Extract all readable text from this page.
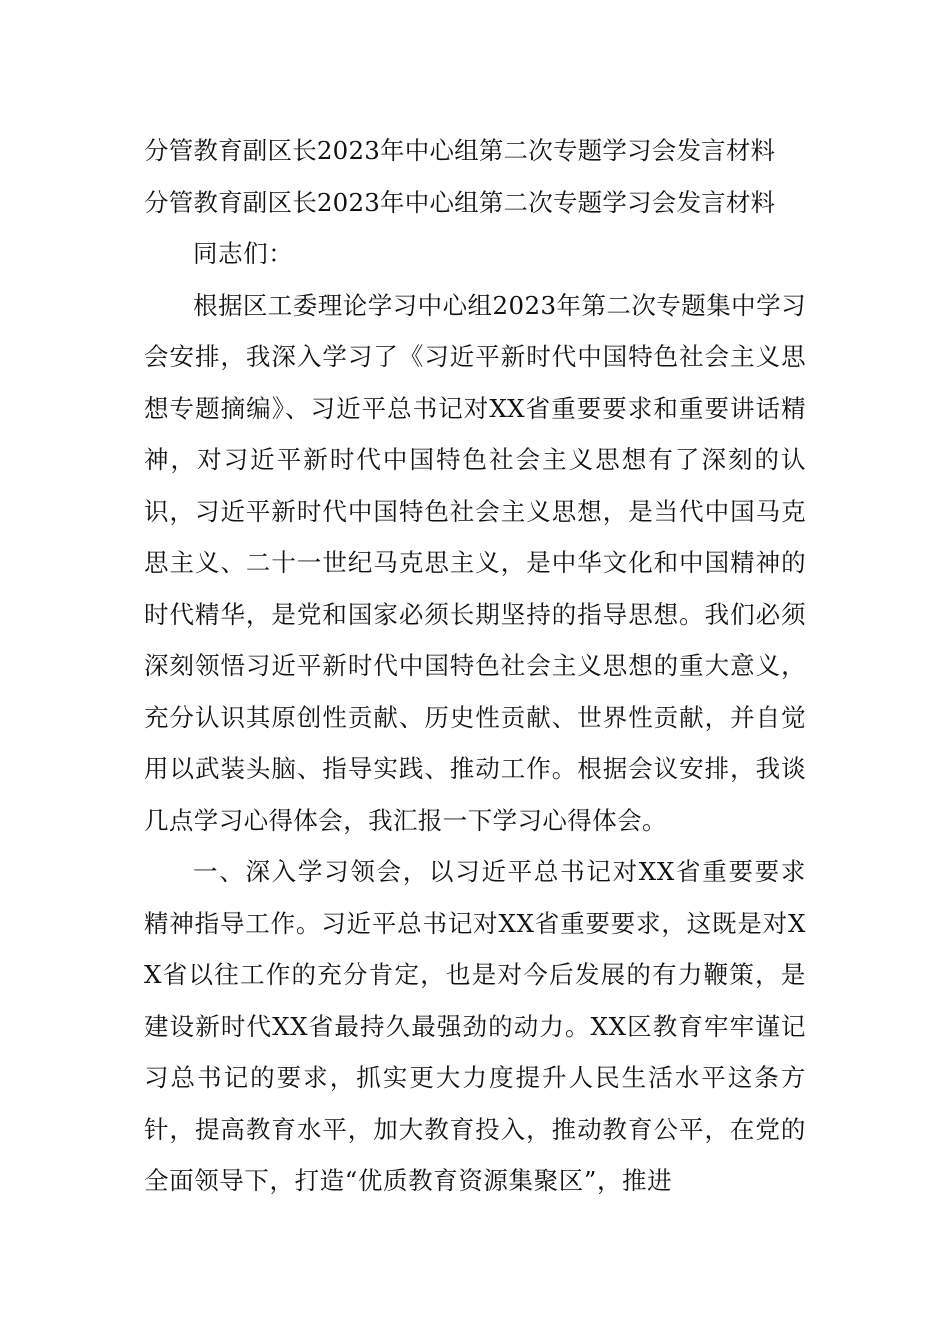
分管教育副区长2023年中心组第二次专题学习会发言材料

分管教育副区长2023年中心组第二次专题学习会发言材料

同志们：

根据区工委理论学习中心组2023年第二次专题集中学习会安排，我深入学习了《习近平新时代中国特色社会主义思想专题摘编》、习近平总书记对XX省重要要求和重要讲话精神，对习近平新时代中国特色社会主义思想有了深刻的认识，习近平新时代中国特色社会主义思想，是当代中国马克思主义、二十一世纪马克思主义，是中华文化和中国精神的时代精华，是党和国家必须长期坚持的指导思想。我们必须深刻领悟习近平新时代中国特色社会主义思想的重大意义，充分认识其原创性贡献、历史性贡献、世界性贡献，并自觉用以武装头脑、指导实践、推动工作。根据会议安排，我谈几点学习心得体会，我汇报一下学习心得体会。

一、深入学习领会，以习近平总书记对XX省重要要求精神指导工作。习近平总书记对XX省重要要求，这既是对XX省以往工作的充分肯定，也是对今后发展的有力鞭策，是建设新时代XX省最持久最强劲的动力。XX区教育牢牢谨记习总书记的要求，抓实更大力度提升人民生活水平这条方针，提高教育水平，加大教育投入，推动教育公平，在党的全面领导下，打造“优质教育资源集聚区”，推进
